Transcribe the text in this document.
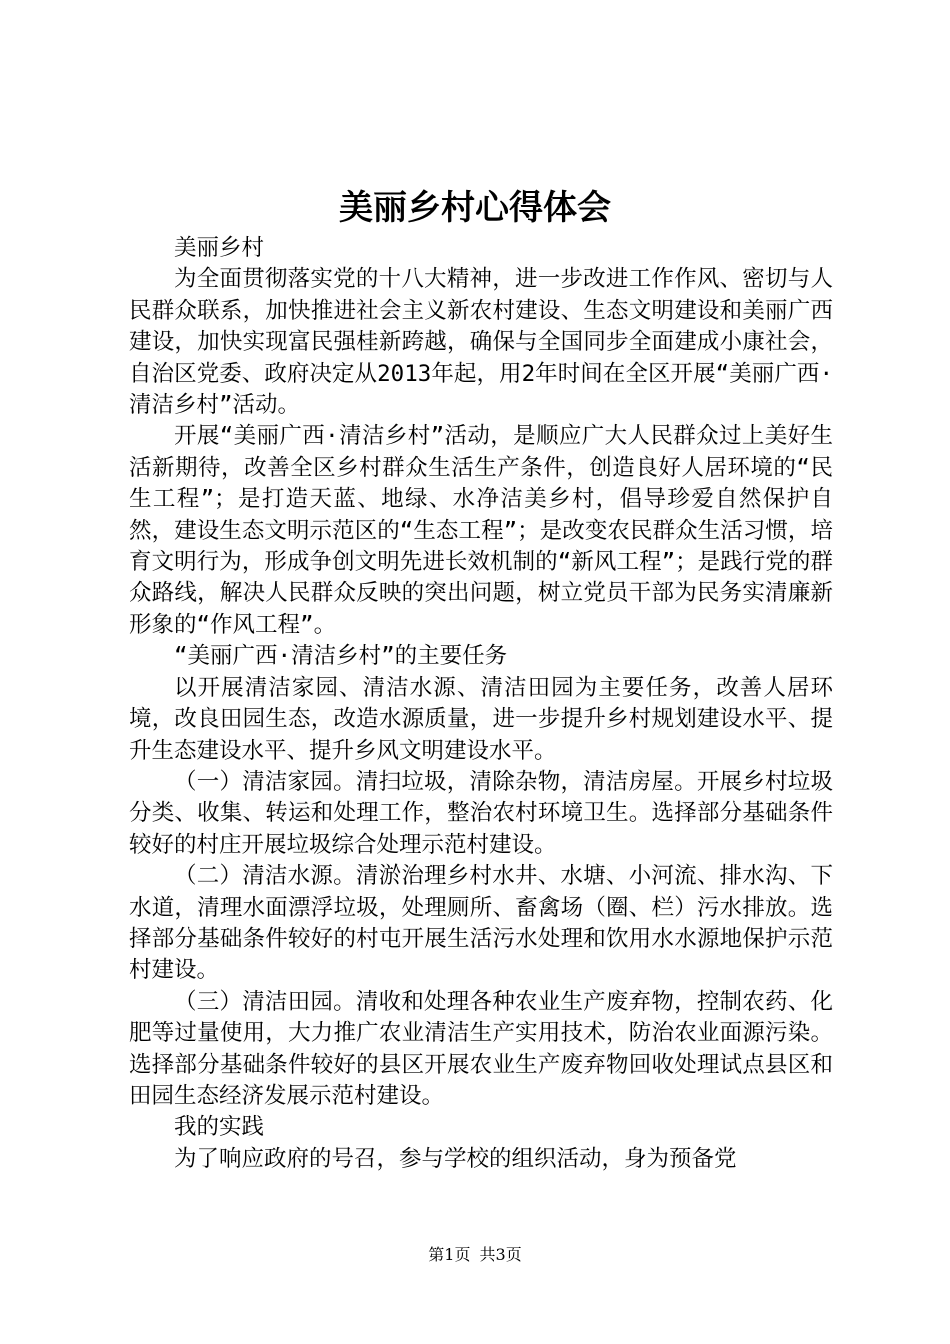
美丽乡村心得体会

美丽乡村

为全面贯彻落实党的十八大精神，进一步改进工作作风、密切与人民群众联系，加快推进社会主义新农村建设、生态文明建设和美丽广西建设，加快实现富民强桂新跨越，确保与全国同步全面建成小康社会，自治区党委、政府决定从2013年起，用2年时间在全区开展“美丽广西·清洁乡村”活动。

开展“美丽广西·清洁乡村”活动，是顺应广大人民群众过上美好生活新期待，改善全区乡村群众生活生产条件，创造良好人居环境的“民生工程”；是打造天蓝、地绿、水净洁美乡村，倡导珍爱自然保护自然，建设生态文明示范区的“生态工程”；是改变农民群众生活习惯，培育文明行为，形成争创文明先进长效机制的“新风工程”；是践行党的群众路线，解决人民群众反映的突出问题，树立党员干部为民务实清廉新形象的“作风工程”。

“美丽广西·清洁乡村”的主要任务

以开展清洁家园、清洁水源、清洁田园为主要任务，改善人居环境，改良田园生态，改造水源质量，进一步提升乡村规划建设水平、提升生态建设水平、提升乡风文明建设水平。

（一）清洁家园。清扫垃圾，清除杂物，清洁房屋。开展乡村垃圾分类、收集、转运和处理工作，整治农村环境卫生。选择部分基础条件较好的村庄开展垃圾综合处理示范村建设。

（二）清洁水源。清淤治理乡村水井、水塘、小河流、排水沟、下水道，清理水面漂浮垃圾，处理厕所、畜禽场（圈、栏）污水排放。选择部分基础条件较好的村屯开展生活污水处理和饮用水水源地保护示范村建设。

（三）清洁田园。清收和处理各种农业生产废弃物，控制农药、化肥等过量使用，大力推广农业清洁生产实用技术，防治农业面源污染。选择部分基础条件较好的县区开展农业生产废弃物回收处理试点县区和田园生态经济发展示范村建设。

我的实践

为了响应政府的号召，参与学校的组织活动，身为预备党

第1页 共3页
